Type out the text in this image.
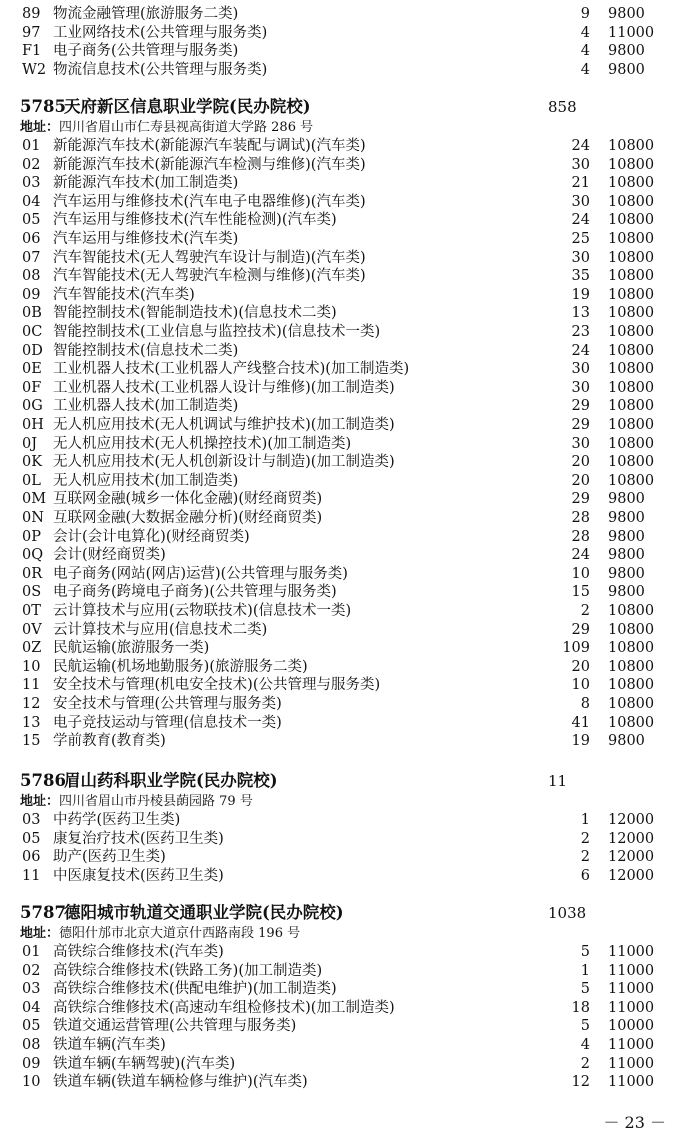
89 物流金融管理(旅游服务二类)	9 9800
97 工业网络技术(公共管理与服务类)	4 11000
F1 电子商务(公共管理与服务类)	4 9800
W2 物流信息技术(公共管理与服务类)	4 9800
5785
天府新区信息职业学院(民办院校)	858
地址：四川省眉山市仁寿县视高街道大学路 286 号
01 新能源汽车技术(新能源汽车装配与调试)(汽车类)	24 10800
02 新能源汽车技术(新能源汽车检测与维修)(汽车类)	30 10800
03 新能源汽车技术(加工制造类)	21 10800
04 汽车运用与维修技术(汽车电子电器维修)(汽车类)	30 10800
05 汽车运用与维修技术(汽车性能检测)(汽车类)	24 10800
06 汽车运用与维修技术(汽车类)	25 10800
07 汽车智能技术(无人驾驶汽车设计与制造)(汽车类)	30 10800
08 汽车智能技术(无人驾驶汽车检测与维修)(汽车类)	35 10800
09 汽车智能技术(汽车类)	19 10800
0B 智能控制技术(智能制造技术)(信息技术二类)	13 10800
0C 智能控制技术(工业信息与监控技术)(信息技术一类)	23 10800
0D 智能控制技术(信息技术二类)	24 10800
0E 工业机器人技术(工业机器人产线整合技术)(加工制造类)	30 10800
0F 工业机器人技术(工业机器人设计与维修)(加工制造类)	30 10800
0G 工业机器人技术(加工制造类)	29 10800
0H 无人机应用技术(无人机调试与维护技术)(加工制造类)	29 10800
0J 无人机应用技术(无人机操控技术)(加工制造类)	30 10800
0K 无人机应用技术(无人机创新设计与制造)(加工制造类)	20 10800
0L 无人机应用技术(加工制造类)	20 10800
0M 互联网金融(城乡一体化金融)(财经商贸类)	29 9800
0N 互联网金融(大数据金融分析)(财经商贸类)	28 9800
0P 会计(会计电算化)(财经商贸类)	28 9800
0Q 会计(财经商贸类)	24 9800
0R 电子商务(网站(网店)运营)(公共管理与服务类)	10 9800
0S 电子商务(跨境电子商务)(公共管理与服务类)	15 9800
0T 云计算技术与应用(云物联技术)(信息技术一类)	2 10800
0V 云计算技术与应用(信息技术二类)	29 10800
0Z 民航运输(旅游服务一类)	109 10800
10 民航运输(机场地勤服务)(旅游服务二类)	20 10800
11 安全技术与管理(机电安全技术)(公共管理与服务类)	10 10800
12 安全技术与管理(公共管理与服务类)	8 10800
13 电子竞技运动与管理(信息技术一类)	41 10800
15 学前教育(教育类)	19 9800
5786
眉山药科职业学院(民办院校)	11
地址：四川省眉山市丹棱县蓢园路 79 号
03 中药学(医药卫生类)	1 12000
05 康复治疗技术(医药卫生类)	2 12000
06 助产(医药卫生类)	2 12000
11 中医康复技术(医药卫生类)	6 12000
5787
德阳城市轨道交通职业学院(民办院校)	1038
地址：德阳什邡市北京大道京什西路南段 196 号
01 高铁综合维修技术(汽车类)	5 11000
02 高铁综合维修技术(铁路工务)(加工制造类)	1 11000
03 高铁综合维修技术(供配电维护)(加工制造类)	5 11000
04 高铁综合维修技术(高速动车组检修技术)(加工制造类)	18 11000
05 铁道交通运营管理(公共管理与服务类)	5 10000
08 铁道车辆(汽车类)	4 11000
09 铁道车辆(车辆驾驶)(汽车类)	2 11000
10 铁道车辆(铁道车辆检修与维护)(汽车类)	12 11000
－ 23 －
